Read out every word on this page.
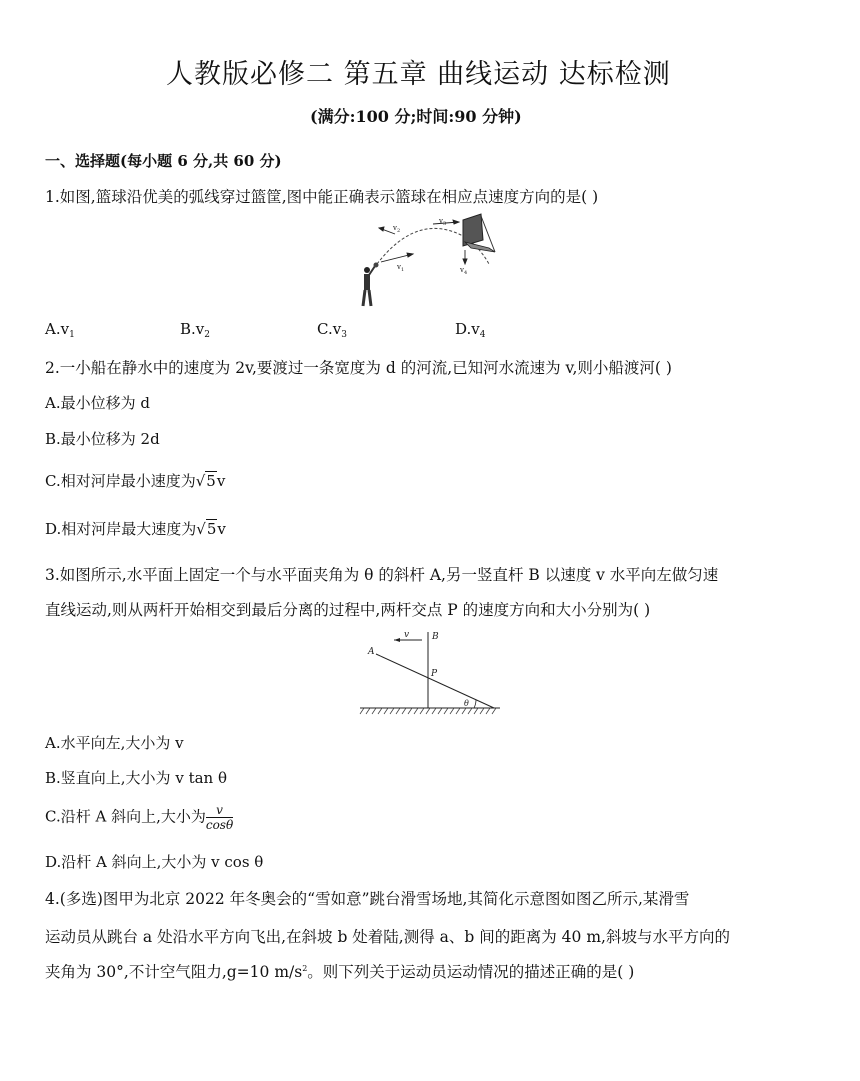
人教版必修二 第五章 曲线运动 达标检测
(满分:100 分;时间:90 分钟)
一、选择题(每小题 6 分,共 60 分)
1.如图,篮球沿优美的弧线穿过篮筐,图中能正确表示篮球在相应点速度方向的是( )
v 2
v 3
v 1	v 4
$A.v_1$	$B.v_2$	$C.v_3$	$D.v_4$
2.一小船在静水中的速度为 2v,要渡过一条宽度为 d 的河流,已知河水流速为 v,则小船渡河( )
A.最小位移为 d
B.最小位移为 2d
C.相对河岸最小速度为√5v
D.相对河岸最大速度为√5v
3.如图所示,水平面上固定一个与水平面夹角为 θ 的斜杆 A,另一竖直杆 B 以速度 v 水平向左做匀速
直线运动,则从两杆开始相交到最后分离的过程中,两杆交点 P 的速度方向和大小分别为( )
v	B
A
P
θ
A.水平向左,大小为 v
B.竖直向上,大小为 v tan θ
C.沿杆 A 斜向上,大小为 $\frac{v}{\cos\theta}$
D.沿杆 A 斜向上,大小为 v cos θ
4.(多选)图甲为北京 2022 年冬奥会的“雪如意”跳台滑雪场地,其简化示意图如图乙所示,某滑雪
运动员从跳台 a 处沿水平方向飞出,在斜坡 b 处着陆,测得 a、b 间的距离为 40 m,斜坡与水平方向的
夹角为 30°,不计空气阻力,g=10 $m/s^2$。则下列关于运动员运动情况的描述正确的是( )
